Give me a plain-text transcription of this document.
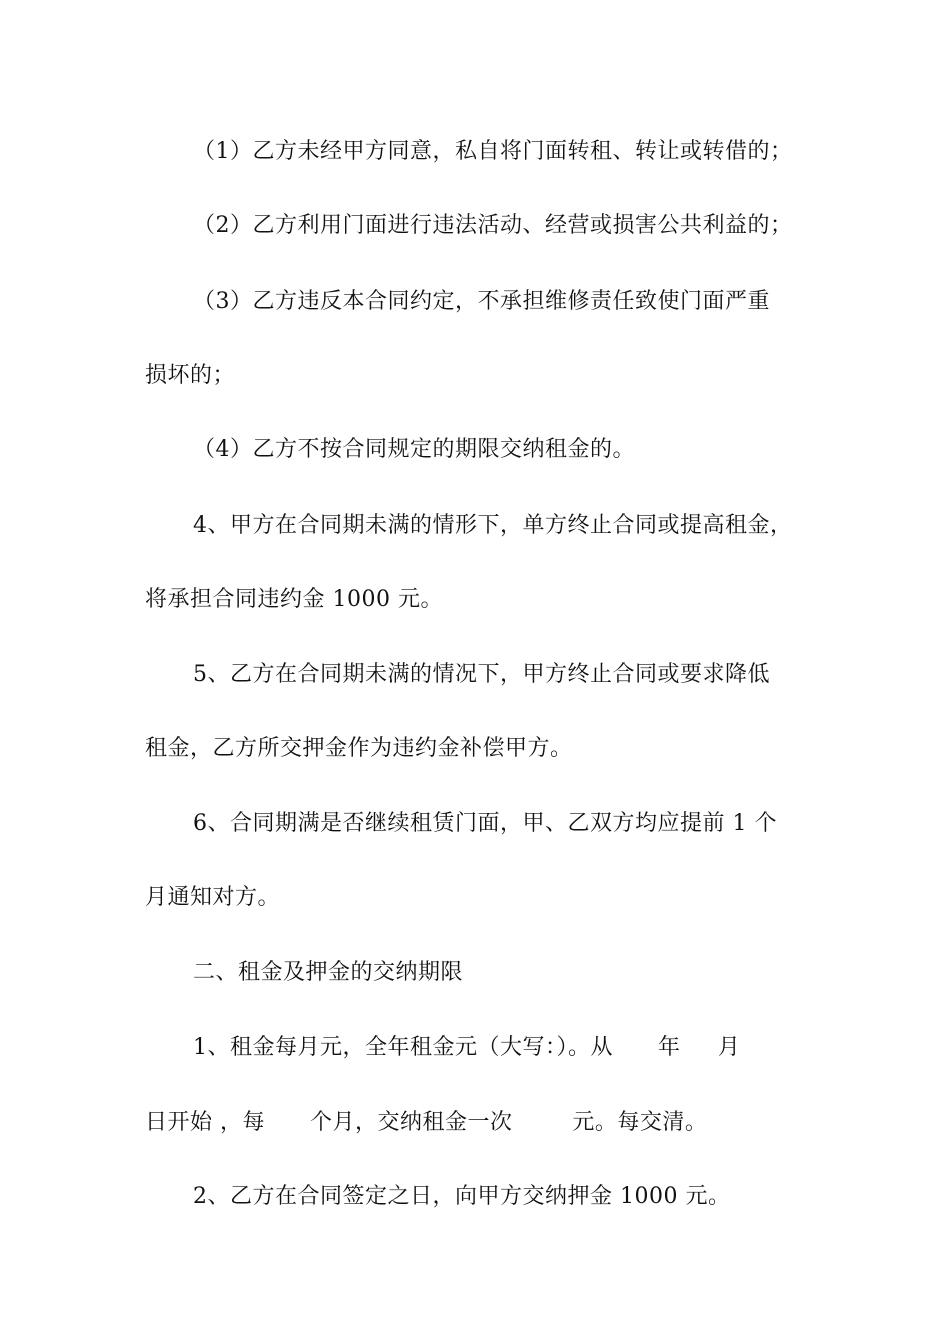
（1）乙方未经甲方同意，私自将门面转租、转让或转借的；
（2）乙方利用门面进行违法活动、经营或损害公共利益的；
（3）乙方违反本合同约定，不承担维修责任致使门面严重
损坏的；
（4）乙方不按合同规定的期限交纳租金的。
4、甲方在合同期未满的情形下，单方终止合同或提高租金，
将承担合同违约金 1000 元。
5、乙方在合同期未满的情况下，甲方终止合同或要求降低
租金，乙方所交押金作为违约金补偿甲方。
6、合同期满是否继续租赁门面，甲、乙双方均应提前 1 个
月通知对方。
二、租金及押金的交纳期限
1、租金每月元，全年租金元（大写：）。从      年     月
日开始 ，每      个月，交纳租金一次        元。每交清。
2、乙方在合同签定之日，向甲方交纳押金 1000 元。
